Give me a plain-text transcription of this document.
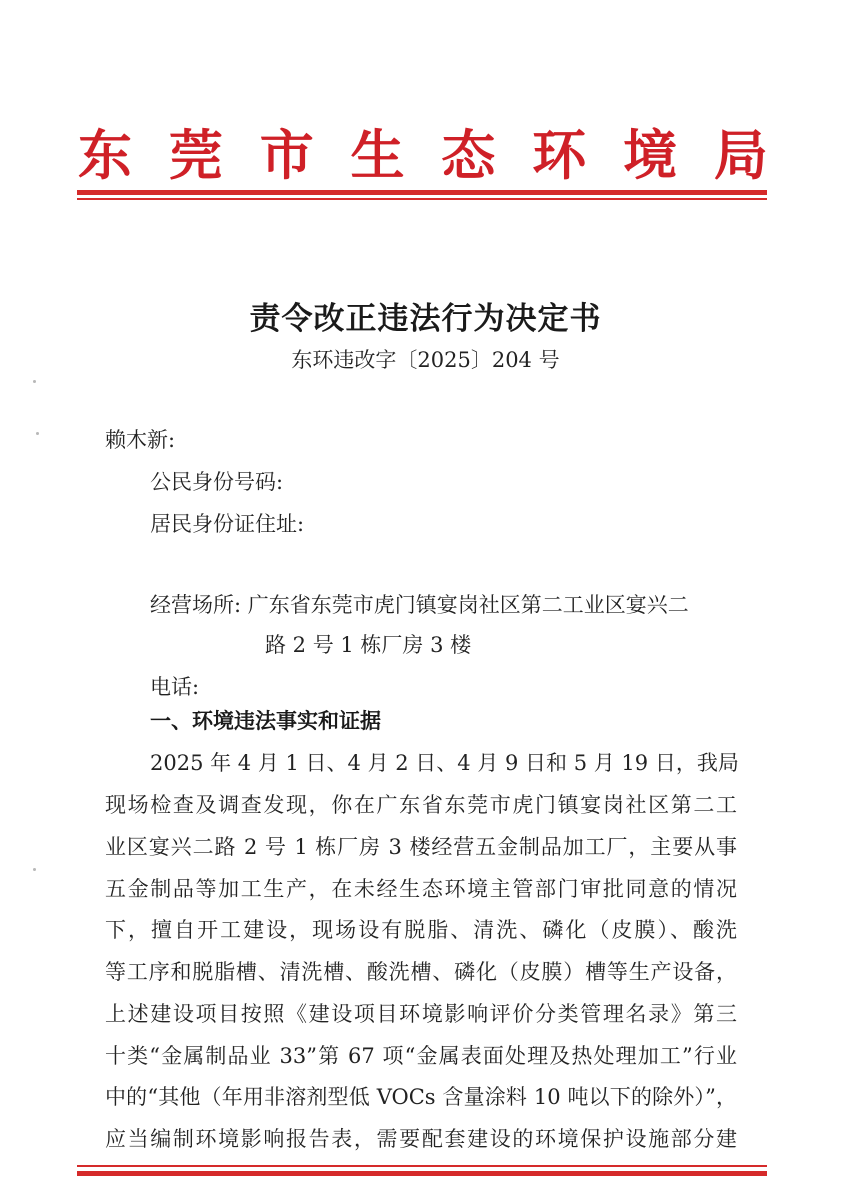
东 莞 市 生 态 环 境 局
责令改正违法行为决定书
东环违改字〔2025〕204 号
赖木新:
公民身份号码:
居民身份证住址:
经营场所: 广东省东莞市虎门镇宴岗社区第二工业区宴兴二
路 2 号 1 栋厂房 3 楼
电话:
一、环境违法事实和证据
2025 年 4 月 1 日、4 月 2 日、4 月 9 日和 5 月 19 日，我局
现场检查及调查发现，你在广东省东莞市虎门镇宴岗社区第二工
业区宴兴二路 2 号 1 栋厂房 3 楼经营五金制品加工厂，主要从事
五金制品等加工生产，在未经生态环境主管部门审批同意的情况
下，擅自开工建设，现场设有脱脂、清洗、磷化（皮膜）、酸洗
等工序和脱脂槽、清洗槽、酸洗槽、磷化（皮膜）槽等生产设备，
上述建设项目按照《建设项目环境影响评价分类管理名录》第三
十类“金属制品业 33”第 67 项“金属表面处理及热处理加工”行业
中的“其他（年用非溶剂型低 VOCs 含量涂料 10 吨以下的除外）”，
应当编制环境影响报告表，需要配套建设的环境保护设施部分建
